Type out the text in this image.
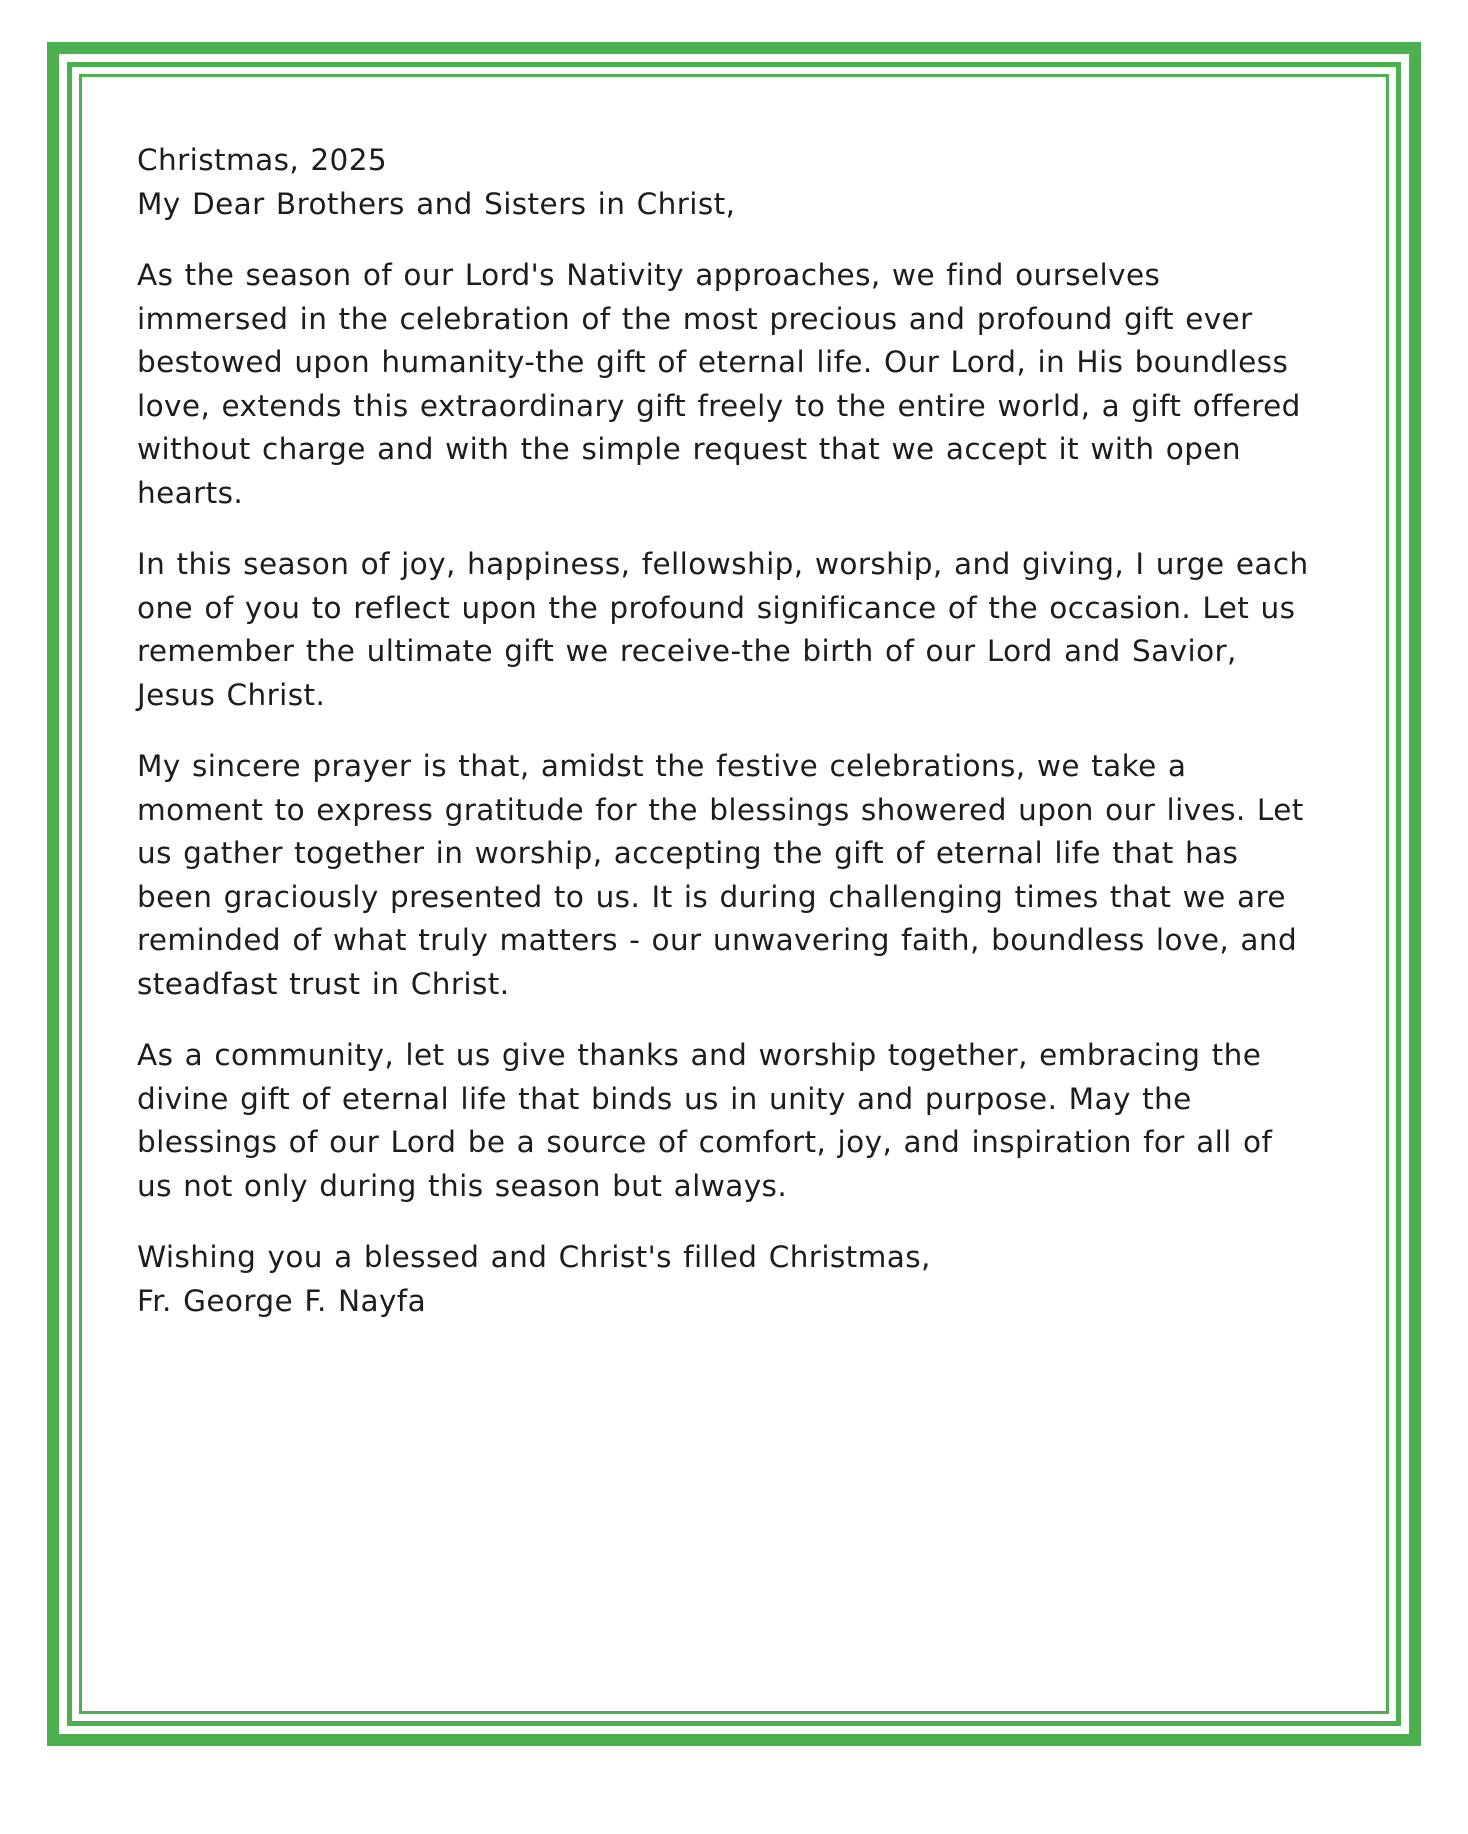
Christmas, 2025
My Dear Brothers and Sisters in Christ,

As the season of our Lord's Nativity approaches, we find ourselves immersed in the celebration of the most precious and profound gift ever bestowed upon humanity-the gift of eternal life. Our Lord, in His boundless love, extends this extraordinary gift freely to the entire world, a gift offered without charge and with the simple request that we accept it with open hearts.

In this season of joy, happiness, fellowship, worship, and giving, I urge each one of you to reflect upon the profound significance of the occasion. Let us remember the ultimate gift we receive-the birth of our Lord and Savior, Jesus Christ.

My sincere prayer is that, amidst the festive celebrations, we take a moment to express gratitude for the blessings showered upon our lives. Let us gather together in worship, accepting the gift of eternal life that has been graciously presented to us. It is during challenging times that we are reminded of what truly matters - our unwavering faith, boundless love, and steadfast trust in Christ.

As a community, let us give thanks and worship together, embracing the divine gift of eternal life that binds us in unity and purpose. May the blessings of our Lord be a source of comfort, joy, and inspiration for all of us not only during this season but always.

Wishing you a blessed and Christ's filled Christmas,
Fr. George F. Nayfa
